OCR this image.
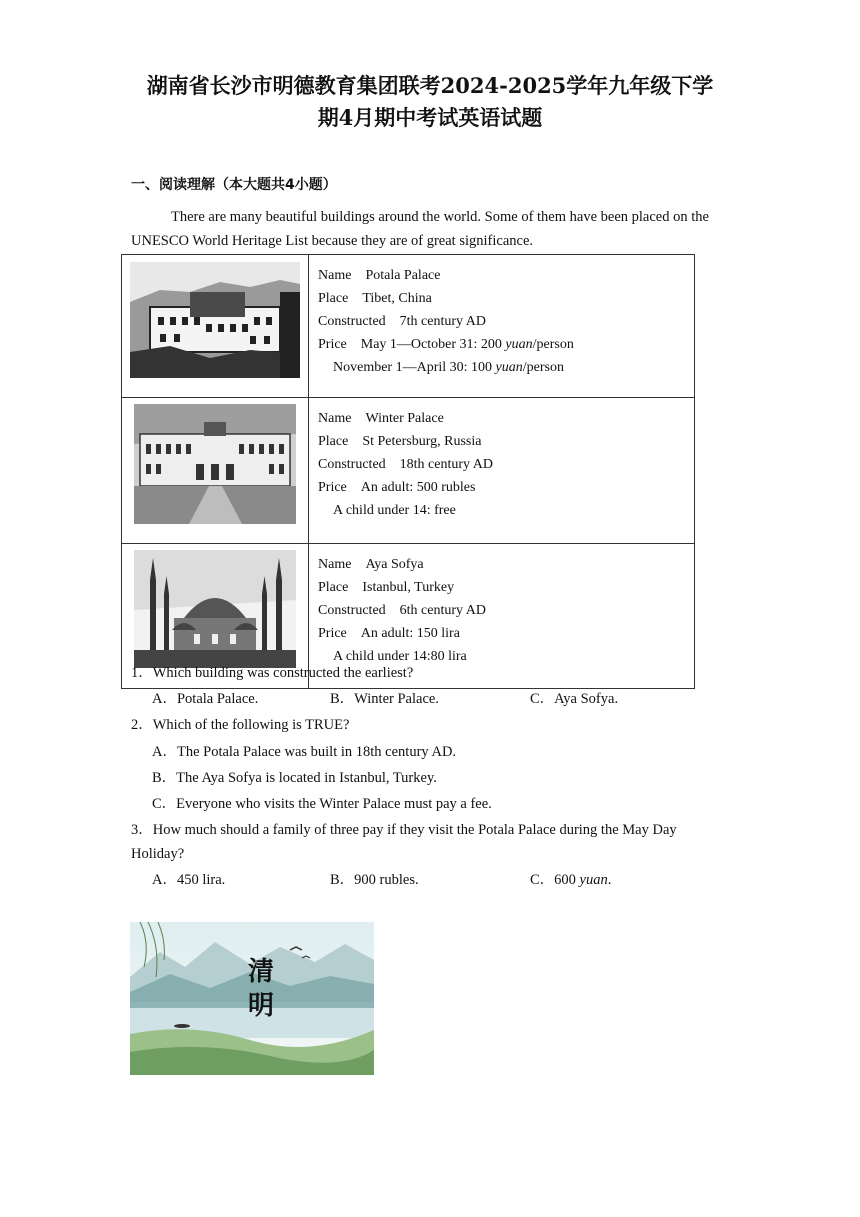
湖南省长沙市明德教育集团联考2024-2025学年九年级下学
期4月期中考试英语试题
一、阅读理解（本大题共4小题）
There are many beautiful buildings around the world. Some of them have been placed on the UNESCO World Heritage List because they are of great significance.

Name Potala Palace
Place Tibet, China
Constructed 7th century AD
Price May 1—October 31: 200 yuan/person
November 1—April 30: 100 yuan/person

Name Winter Palace
Place St Petersburg, Russia
Constructed 18th century AD
Price An adult: 500 rubles
A child under 14: free

Name Aya Sofya
Place Istanbul, Turkey
Constructed 6th century AD
Price An adult: 150 lira
A child under 14:80 lira
1．Which building was constructed the earliest?
A．Potala Palace.	B．Winter Palace.	C．Aya Sofya.
2．Which of the following is TRUE?
A．The Potala Palace was built in 18th century AD.
B．The Aya Sofya is located in Istanbul, Turkey.
C．Everyone who visits the Winter Palace must pay a fee.
3．How much should a family of three pay if they visit the Potala Palace during the May Day Holiday?
A．450 lira.	B．900 rubles.	C．600 yuan.
清
明
